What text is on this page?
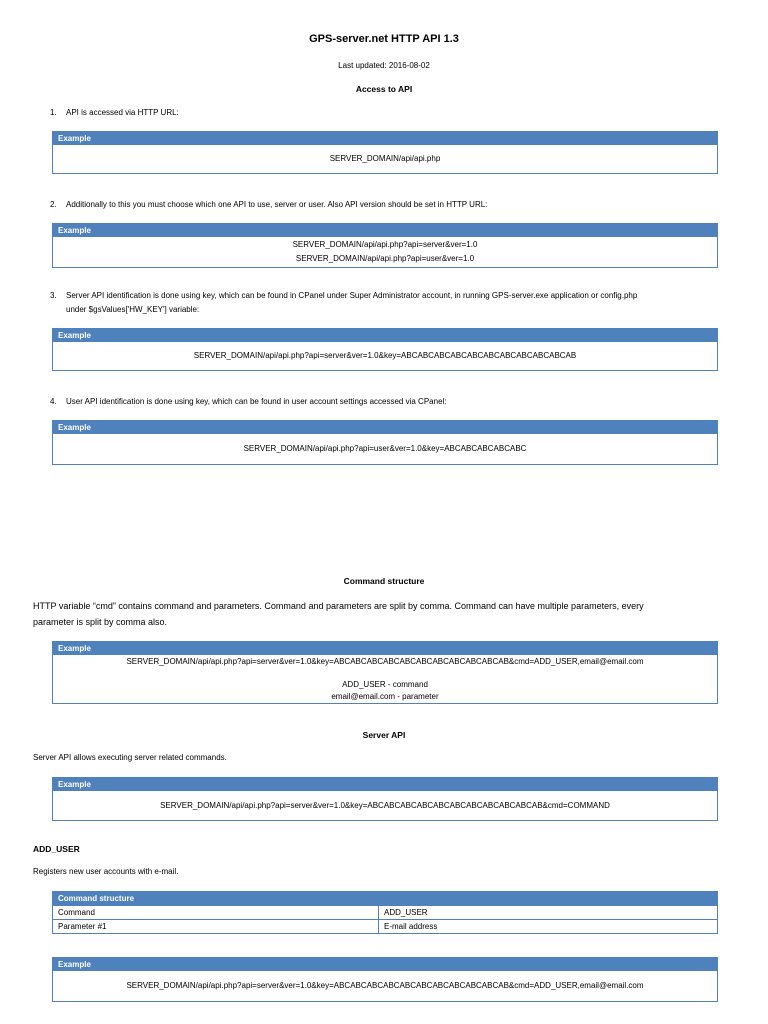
GPS-server.net HTTP API 1.3
Last updated: 2016-08-02
Access to API
1.	API is accessed via HTTP URL:
Example
SERVER_DOMAIN/api/api.php
2.	Additionally to this you must choose which one API to use, server or user. Also API version should be set in HTTP URL:
Example
SERVER_DOMAIN/api/api.php?api=server&ver=1.0
SERVER_DOMAIN/api/api.php?api=user&ver=1.0
3.	Server API identification is done using key, which can be found in CPanel under Super Administrator account, in running GPS-server.exe application or config.php
under $gsValues['HW_KEY'] variable:
Example
SERVER_DOMAIN/api/api.php?api=server&ver=1.0&key=ABCABCABCABCABCABCABCABCABCABCAB
4.	User API identification is done using key, which can be found in user account settings accessed via CPanel:
Example
SERVER_DOMAIN/api/api.php?api=user&ver=1.0&key=ABCABCABCABCABC
Command structure
HTTP variable “cmd” contains command and parameters. Command and parameters are split by comma. Command can have multiple parameters, every
parameter is split by comma also.
Example
SERVER_DOMAIN/api/api.php?api=server&ver=1.0&key=ABCABCABCABCABCABCABCABCABCABCAB&cmd=ADD_USER,email@email.com
ADD_USER - command
email@email.com - parameter
Server API
Server API allows executing server related commands.
Example
SERVER_DOMAIN/api/api.php?api=server&ver=1.0&key=ABCABCABCABCABCABCABCABCABCABCAB&cmd=COMMAND
ADD_USER
Registers new user accounts with e-mail.
Command structure	
Command	ADD_USER
Parameter #1	E-mail address
Example
SERVER_DOMAIN/api/api.php?api=server&ver=1.0&key=ABCABCABCABCABCABCABCABCABCABCAB&cmd=ADD_USER,email@email.com
